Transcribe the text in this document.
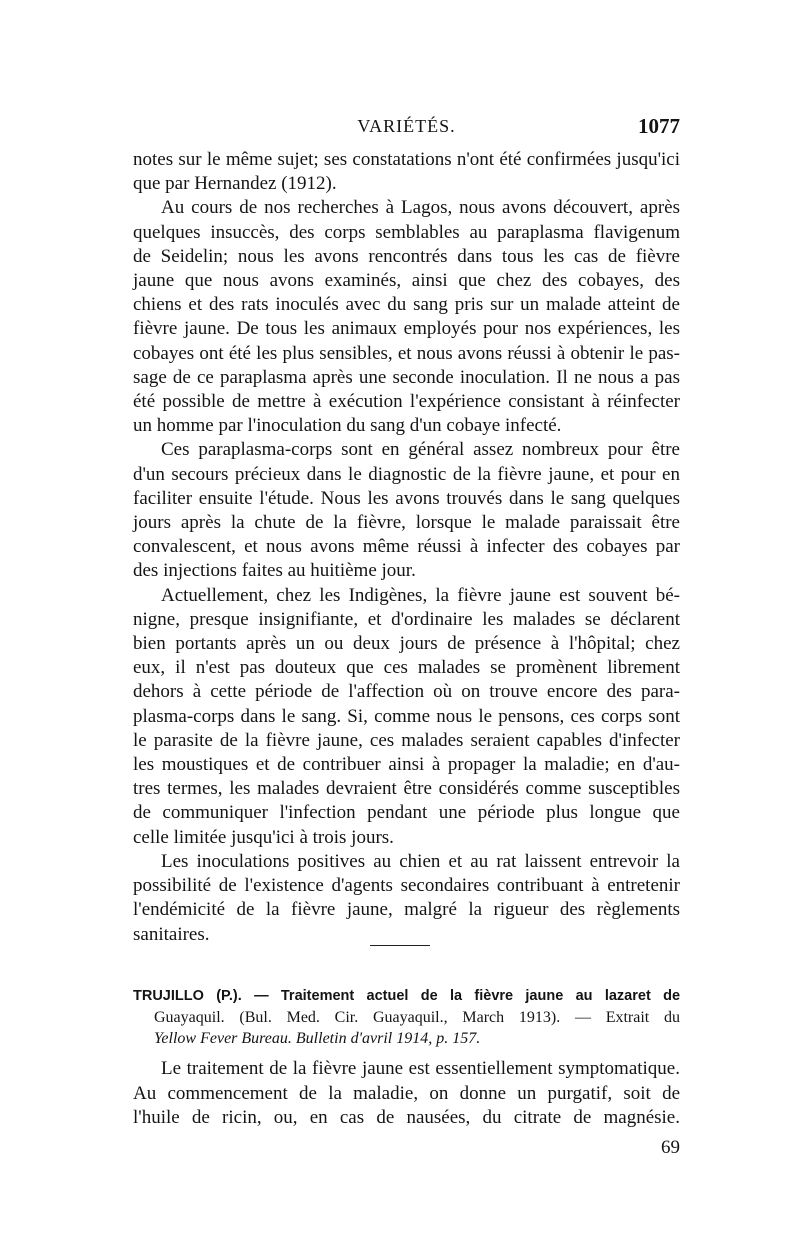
VARIÉTÉS.	1077

notes sur le même sujet; ses constatations n'ont été confirmées jusqu'ici
que par Hernandez (1912).

Au cours de nos recherches à Lagos, nous avons découvert, après

quelques insuccès, des corps semblables au paraplasma flavigenum
de Seidelin; nous les avons rencontrés dans tous les cas de fièvre
jaune que nous avons examinés, ainsi que chez des cobayes, des
chiens et des rats inoculés avec du sang pris sur un malade atteint de
fièvre jaune. De tous les animaux employés pour nos expériences, les
cobayes ont été les plus sensibles, et nous avons réussi à obtenir le pas-
sage de ce paraplasma après une seconde inoculation. Il ne nous a pas
été possible de mettre à exécution l'expérience consistant à réinfecter
un homme par l'inoculation du sang d'un cobaye infecté.

Ces paraplasma-corps sont en général assez nombreux pour être

d'un secours précieux dans le diagnostic de la fièvre jaune, et pour en
faciliter ensuite l'étude. Nous les avons trouvés dans le sang quelques
jours après la chute de la fièvre, lorsque le malade paraissait être
convalescent, et nous avons même réussi à infecter des cobayes par
des injections faites au huitième jour.

Actuellement, chez les Indigènes, la fièvre jaune est souvent bé-

nigne, presque insignifiante, et d'ordinaire les malades se déclarent
bien portants après un ou deux jours de présence à l'hôpital; chez
eux, il n'est pas douteux que ces malades se promènent librement
dehors à cette période de l'affection où on trouve encore des para-
plasma-corps dans le sang. Si, comme nous le pensons, ces corps sont
le parasite de la fièvre jaune, ces malades seraient capables d'infecter
les moustiques et de contribuer ainsi à propager la maladie; en d'au-
tres termes, les malades devraient être considérés comme susceptibles
de communiquer l'infection pendant une période plus longue que
celle limitée jusqu'ici à trois jours.

Les inoculations positives au chien et au rat laissent entrevoir la

possibilité de l'existence d'agents secondaires contribuant à entretenir
l'endémicité de la fièvre jaune, malgré la rigueur des règlements
sanitaires.

TRUJILLO (P.). — Traitement actuel de la fièvre jaune au lazaret de
Guayaquil. (Bul. Med. Cir. Guayaquil., March 1913). — Extrait du
Yellow Fever Bureau. Bulletin d'avril 1914, p. 157.
Le traitement de la fièvre jaune est essentiellement symptomatique.
Au commencement de la maladie, on donne un purgatif, soit de
l'huile de ricin, ou, en cas de nausées, du citrate de magnésie.
69
